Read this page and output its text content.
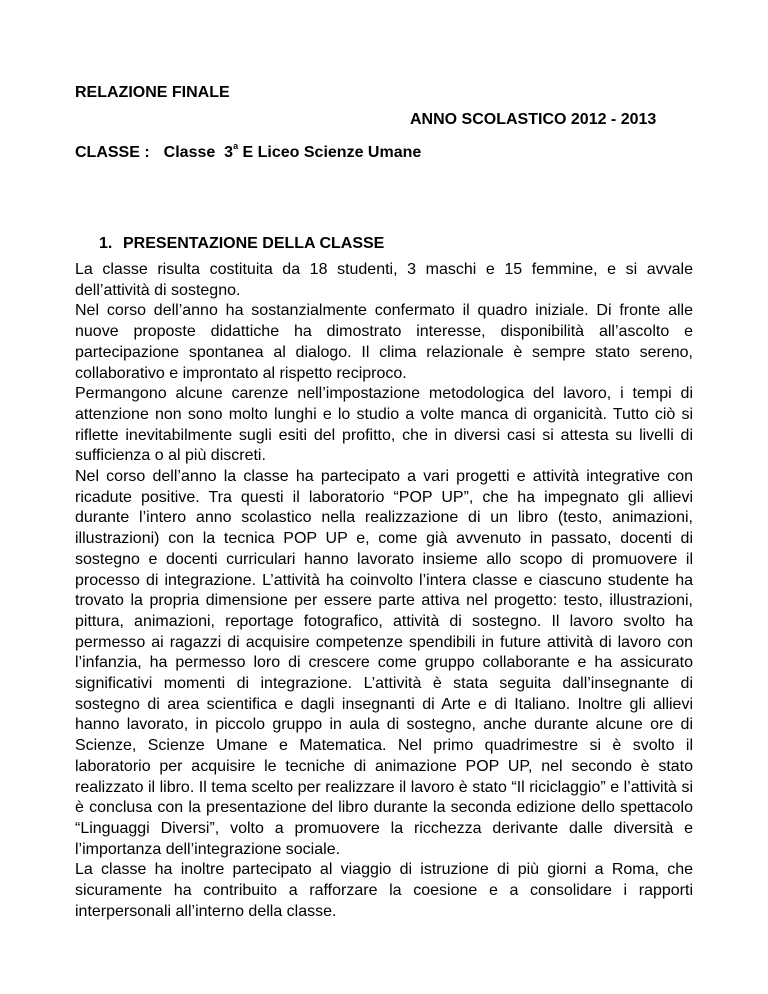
RELAZIONE FINALE
ANNO SCOLASTICO 2012 - 2013
CLASSE : Classe  3$^a$ E Liceo Scienze Umane
1. PRESENTAZIONE DELLA CLASSE

La classe risulta costituita da 18 studenti, 3 maschi e 15 femmine, e si avvale dell’attività di sostegno.

Nel corso dell’anno ha sostanzialmente confermato il quadro iniziale. Di fronte alle nuove proposte didattiche ha dimostrato interesse, disponibilità all’ascolto e partecipazione spontanea al dialogo. Il clima relazionale è sempre stato sereno, collaborativo e improntato al rispetto reciproco.

Permangono alcune carenze nell’impostazione metodologica del lavoro, i tempi di attenzione non sono molto lunghi e lo studio a volte manca di organicità. Tutto ciò si riflette inevitabilmente sugli esiti del profitto, che in diversi casi si attesta su livelli di sufficienza o al più discreti.

Nel corso dell’anno la classe ha partecipato a vari progetti e attività integrative con ricadute positive. Tra questi il laboratorio “POP UP”, che ha impegnato gli allievi durante l’intero anno scolastico nella realizzazione di un libro (testo, animazioni, illustrazioni) con la tecnica POP UP e, come già avvenuto in passato, docenti di sostegno e docenti curriculari hanno lavorato insieme allo scopo di promuovere il processo di integrazione. L’attività ha coinvolto l’intera classe e ciascuno studente ha trovato la propria dimensione per essere parte attiva nel progetto: testo, illustrazioni, pittura, animazioni, reportage fotografico, attività di sostegno. Il lavoro svolto ha permesso ai ragazzi di acquisire competenze spendibili in future attività di lavoro con l’infanzia, ha permesso loro di crescere come gruppo collaborante e ha assicurato significativi momenti di integrazione. L’attività è stata seguita dall’insegnante di sostegno di area scientifica e dagli insegnanti di Arte e di Italiano. Inoltre gli allievi hanno lavorato, in piccolo gruppo in aula di sostegno, anche durante alcune ore di Scienze, Scienze Umane e Matematica. Nel primo quadrimestre si è svolto il laboratorio per acquisire le tecniche di animazione POP UP, nel secondo è stato realizzato il libro. Il tema scelto per realizzare il lavoro è stato “Il riciclaggio” e l’attività si è conclusa con la presentazione del libro durante la seconda edizione dello spettacolo “Linguaggi Diversi”, volto a promuovere la ricchezza derivante dalle diversità e l’importanza dell’integrazione sociale.

La classe ha inoltre partecipato al viaggio di istruzione di più giorni a Roma, che sicuramente ha contribuito a rafforzare la coesione e a consolidare i rapporti interpersonali all’interno della classe.
